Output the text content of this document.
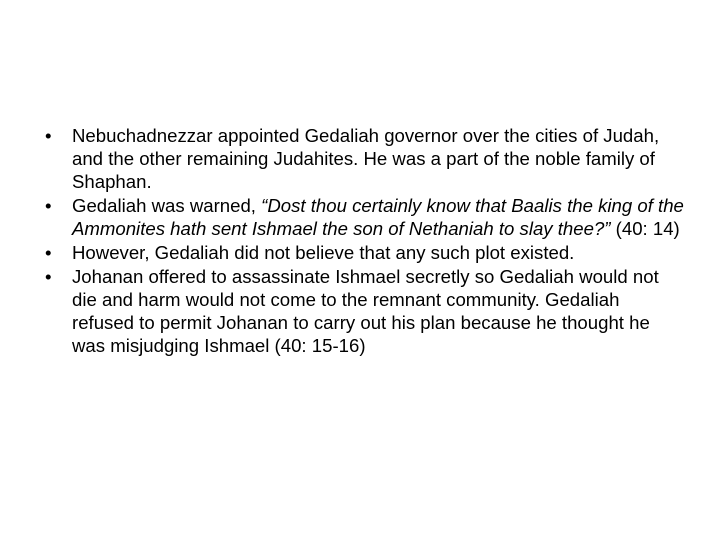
•	Nebuchadnezzar appointed Gedaliah governor over the cities of Judah, and the other remaining Judahites. He was a part of the noble family of Shaphan.
•	Gedaliah was warned, “Dost thou certainly know that Baalis the king of the Ammonites hath sent Ishmael the son of Nethaniah to slay thee?” (40: 14)
•	However, Gedaliah did not believe that any such plot existed.
•	Johanan offered to assassinate Ishmael secretly so Gedaliah would not die and harm would not come to the remnant community. Gedaliah refused to permit Johanan to carry out his plan because he thought he was misjudging Ishmael (40: 15-16)
